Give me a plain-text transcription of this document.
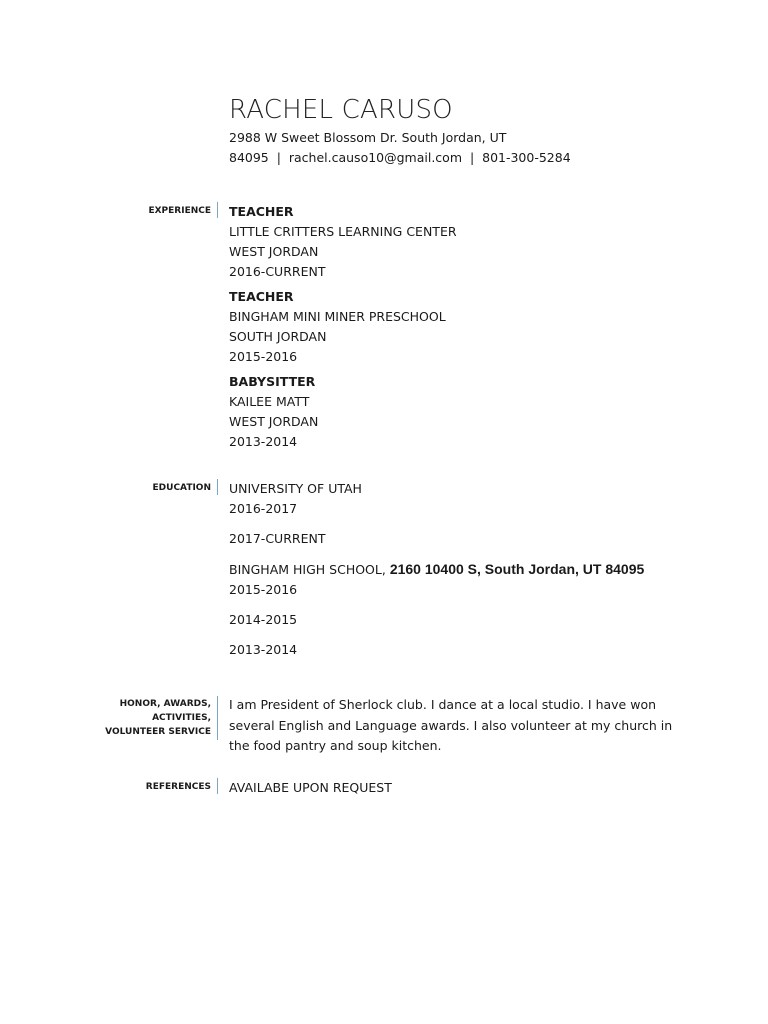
RACHEL CARUSO
2988 W Sweet Blossom Dr. South Jordan, UT
84095  |  rachel.causo10@gmail.com  |  801-300-5284
EXPERIENCE TEACHER
LITTLE CRITTERS LEARNING CENTER
WEST JORDAN
2016-CURRENT
TEACHER
BINGHAM MINI MINER PRESCHOOL
SOUTH JORDAN
2015-2016
BABYSITTER
KAILEE MATT
WEST JORDAN
2013-2014
EDUCATION UNIVERSITY OF UTAH
2016-2017
2017-CURRENT
BINGHAM HIGH SCHOOL, 2160 10400 S, South Jordan, UT 84095
2015-2016
2014-2015
2013-2014
HONOR, AWARDS,
ACTIVITIES,
VOLUNTEER SERVICE
I am President of Sherlock club. I dance at a local studio. I have won several English and Language awards. I also volunteer at my church in the food pantry and soup kitchen.
REFERENCES AVAILABE UPON REQUEST
